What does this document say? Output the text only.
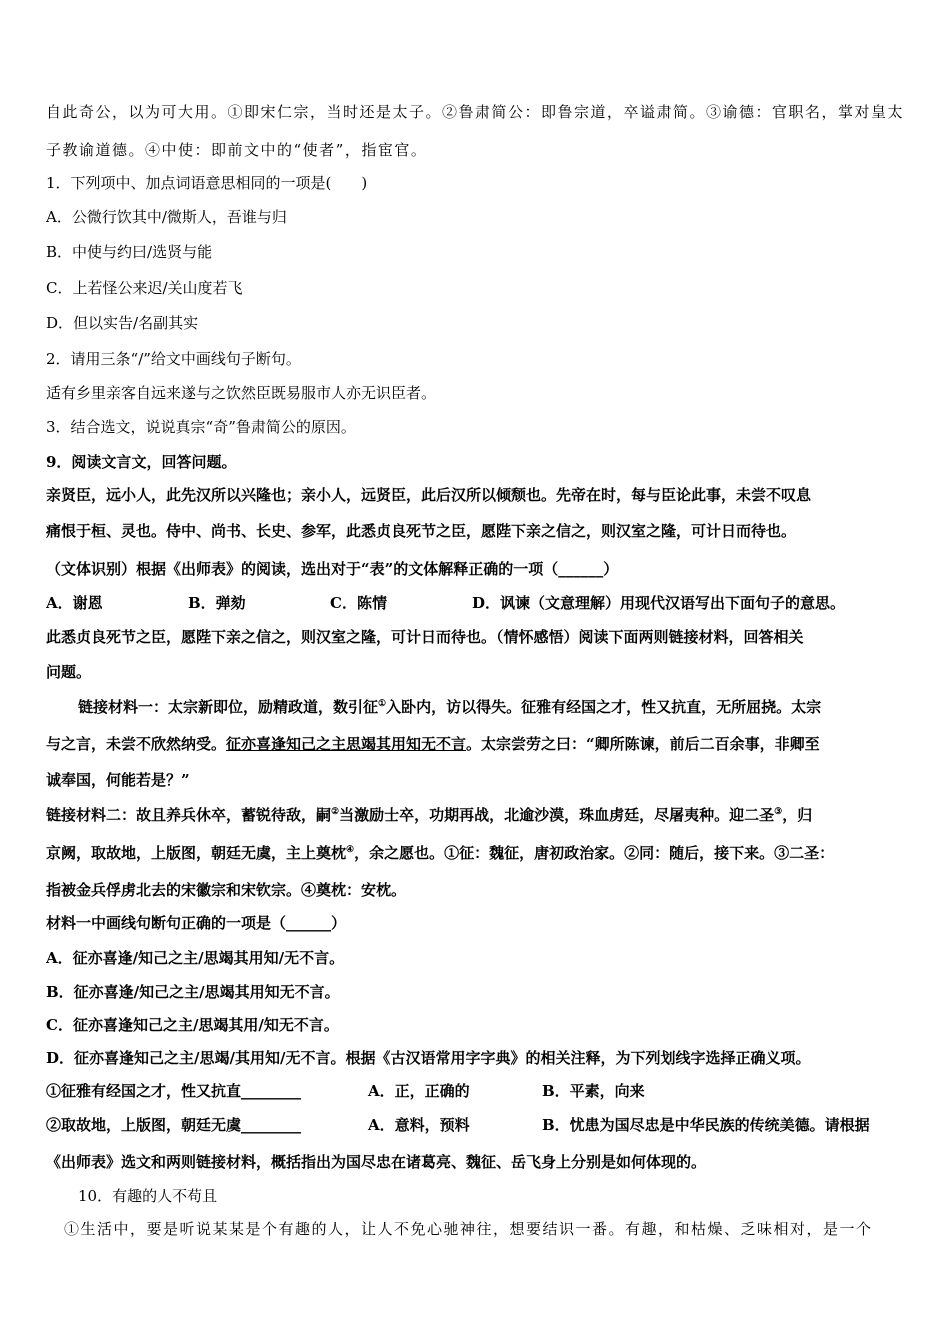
自此奇公，以为可大用。①即宋仁宗，当时还是太子。②鲁肃简公：即鲁宗道，卒谥肃简。③谕德：官职名，掌对皇太
子教谕道德。④中使：即前文中的“使者”，指宦官。
1．下列项中、加点词语意思相同的一项是(　　)
A．公微行饮其中/微斯人，吾谁与归
B．中使与约曰/选贤与能
C．上若怪公来迟/关山度若飞
D．但以实告/名副其实
2．请用三条“/”给文中画线句子断句。
适有乡里亲客自远来遂与之饮然臣既易服市人亦无识臣者。
3．结合选文，说说真宗“奇”鲁肃简公的原因。
9．阅读文言文，回答问题。
亲贤臣，远小人，此先汉所以兴隆也；亲小人，远贤臣，此后汉所以倾颓也。先帝在时，每与臣论此事，未尝不叹息
痛恨于桓、灵也。侍中、尚书、长史、参军，此悉贞良死节之臣，愿陛下亲之信之，则汉室之隆，可计日而待也。
（文体识别）根据《出师表》的阅读，选出对于“表”的文体解释正确的一项（______）
A．谢恩	B．弹劾	C．陈情	D．讽谏（文意理解）用现代汉语写出下面句子的意思。
此悉贞良死节之臣，愿陛下亲之信之，则汉室之隆，可计日而待也。（情怀感悟）阅读下面两则链接材料，回答相关
问题。
链接材料一：太宗新即位，励精政道，数引征①入卧内，访以得失。征雅有经国之才，性又抗直，无所屈挠。太宗
与之言，未尝不欣然纳受。征亦喜逢知己之主思竭其用知无不言。太宗尝劳之曰：“卿所陈谏，前后二百余事，非卿至
诚奉国，何能若是？”
链接材料二：故且养兵休卒，蓄锐待敌，嗣②当激励士卒，功期再战，北逾沙漠，珠血虏廷，尽屠夷种。迎二圣③，归
京阙，取故地，上版图，朝廷无虞，主上奠枕④，余之愿也。①征：魏征，唐初政治家。②同：随后，接下来。③二圣：
指被金兵俘虏北去的宋徽宗和宋钦宗。④奠枕：安枕。
材料一中画线句断句正确的一项是（______）
A．征亦喜逢/知己之主/思竭其用知/无不言。
B．征亦喜逢/知己之主/思竭其用知无不言。
C．征亦喜逢知己之主/思竭其用/知无不言。
D．征亦喜逢知己之主/思竭/其用知/无不言。根据《古汉语常用字字典》的相关注释，为下列划线字选择正确义项。
①征雅有经国之才，性又抗直________	A．正，正确的	B．平素，向来
②取故地，上版图，朝廷无虞________	A．意料，预料	B．忧患为国尽忠是中华民族的传统美德。请根据
《出师表》选文和两则链接材料，概括指出为国尽忠在诸葛亮、魏征、岳飞身上分别是如何体现的。
10．有趣的人不苟且
①生活中，要是听说某某是个有趣的人，让人不免心驰神往，想要结识一番。有趣，和枯燥、乏味相对，是一个
